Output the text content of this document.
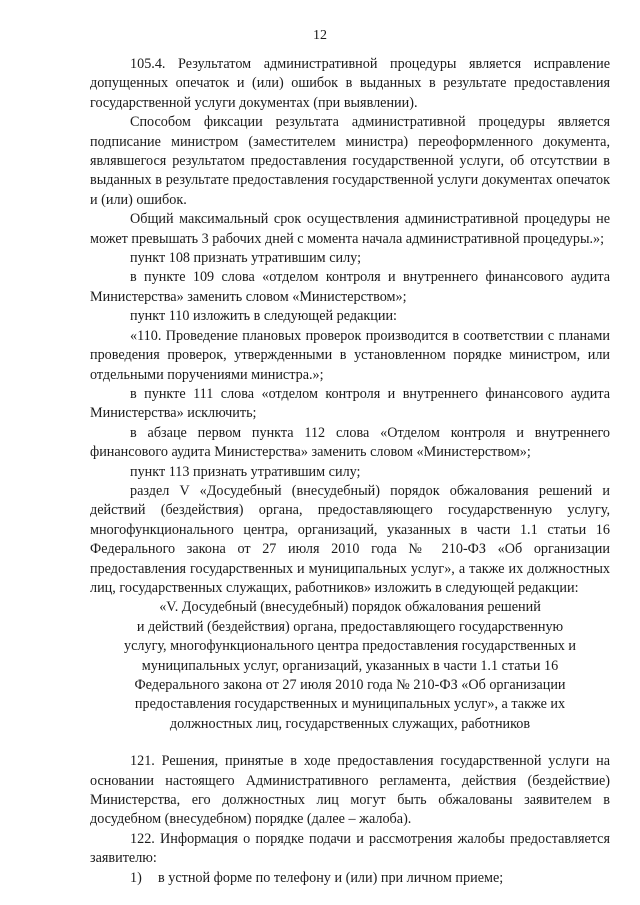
12

105.4. Результатом административной процедуры является исправление допущенных опечаток и (или) ошибок в выданных в результате предоставления государственной услуги документах (при выявлении).

Способом фиксации результата административной процедуры является подписание министром (заместителем министра) переоформленного документа, являвшегося результатом предоставления государственной услуги, об отсутствии в выданных в результате предоставления государственной услуги документах опечаток и (или) ошибок.

Общий максимальный срок осуществления административной процедуры не может превышать 3 рабочих дней с момента начала административной процедуры.»;

пункт 108 признать утратившим силу;

в пункте 109 слова «отделом контроля и внутреннего финансового аудита Министерства» заменить словом «Министерством»;

пункт 110 изложить в следующей редакции:

«110. Проведение плановых проверок производится в соответствии с планами проведения проверок, утвержденными в установленном порядке министром, или отдельными поручениями министра.»;

в пункте 111 слова «отделом контроля и внутреннего финансового аудита Министерства» исключить;

в абзаце первом пункта 112 слова «Отделом контроля и внутреннего финансового аудита Министерства» заменить словом «Министерством»;

пункт 113 признать утратившим силу;

раздел V «Досудебный (внесудебный) порядок обжалования решений и действий (бездействия) органа, предоставляющего государственную услугу, многофункционального центра, организаций, указанных в части 1.1 статьи 16 Федерального закона от 27 июля 2010 года № 210-ФЗ «Об организации предоставления государственных и муниципальных услуг», а также их должностных лиц, государственных служащих, работников» изложить в следующей редакции:

«V. Досудебный (внесудебный) порядок обжалования решений

и действий (бездействия) органа, предоставляющего государственную

услугу, многофункционального центра предоставления государственных и

муниципальных услуг, организаций, указанных в части 1.1 статьи 16

Федерального закона от 27 июля 2010 года № 210-ФЗ «Об организации

предоставления государственных и муниципальных услуг», а также их

должностных лиц, государственных служащих, работников

121. Решения, принятые в ходе предоставления государственной услуги на основании настоящего Административного регламента, действия (бездействие) Министерства, его должностных лиц могут быть обжалованы заявителем в досудебном (внесудебном) порядке (далее – жалоба).

122. Информация о порядке подачи и рассмотрения жалобы предоставляется заявителю:

1) в устной форме по телефону и (или) при личном приеме;
